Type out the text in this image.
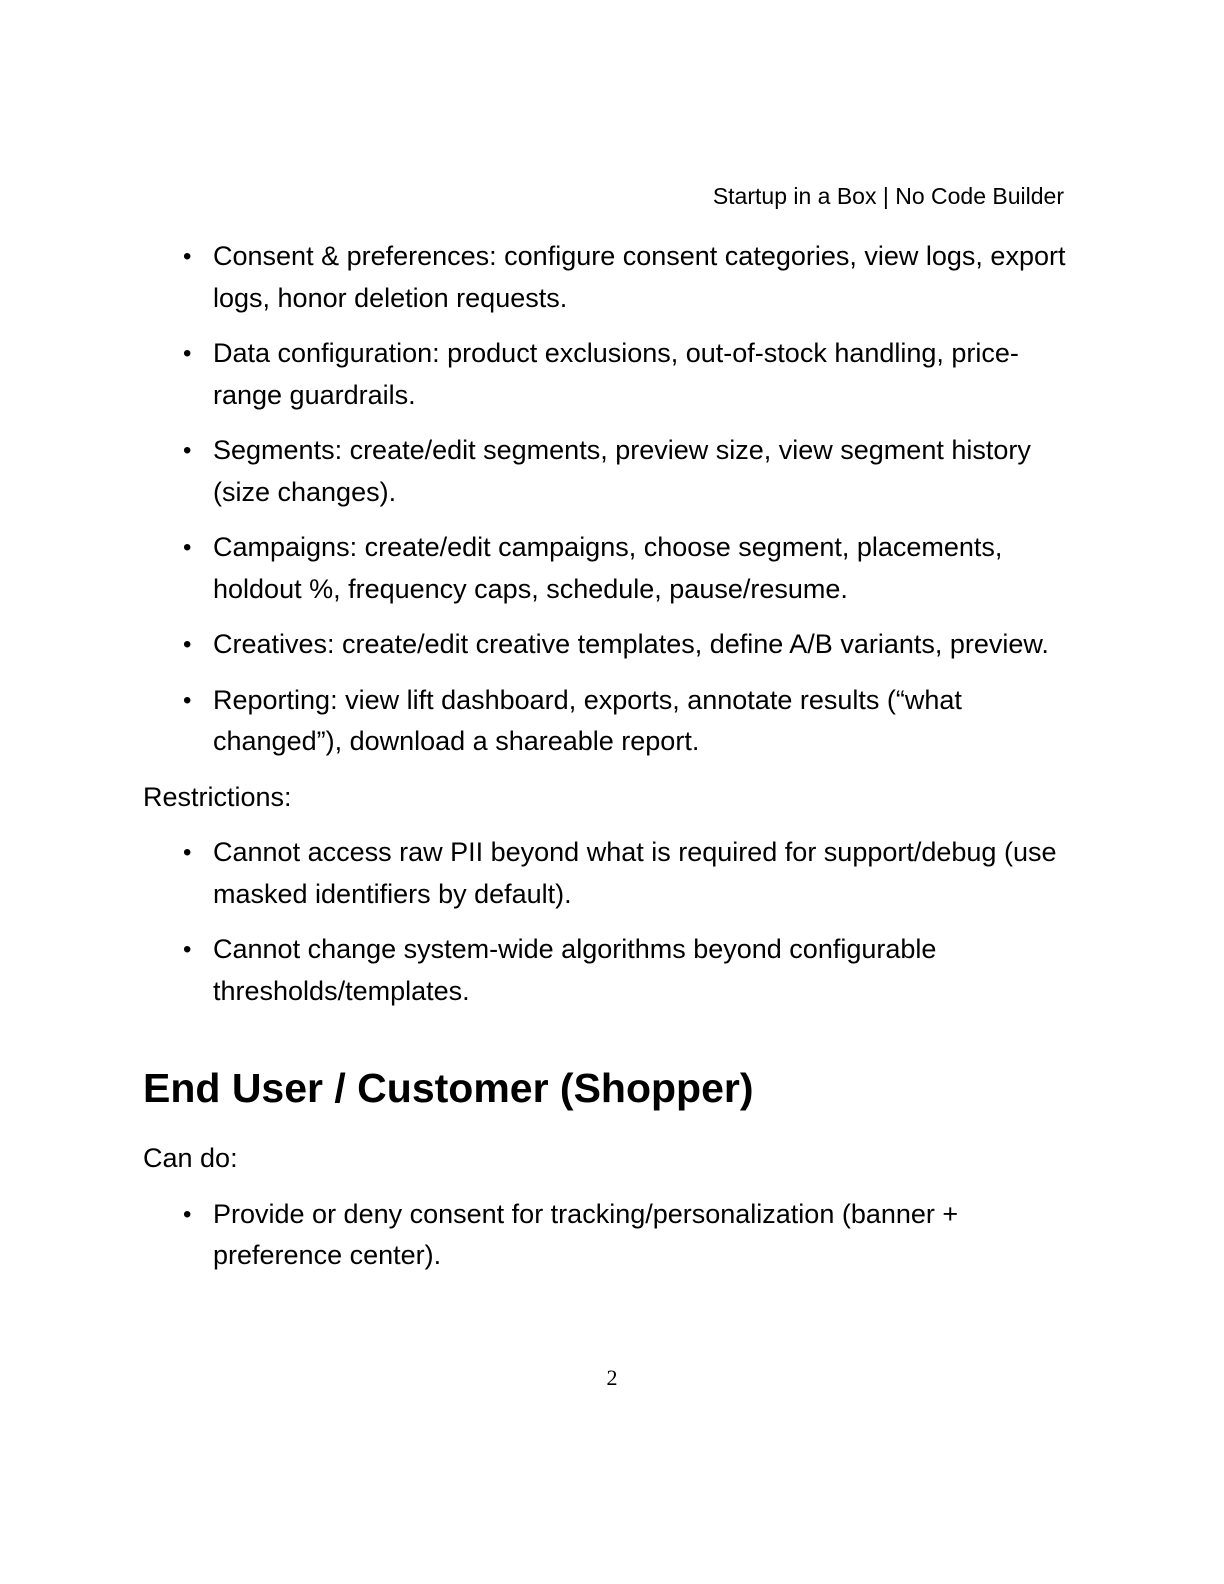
Startup in a Box | No Code Builder
• Consent & preferences: configure consent categories, view logs, export logs, honor deletion requests.
• Data configuration: product exclusions, out-of-stock handling, price-range guardrails.
• Segments: create/edit segments, preview size, view segment history (size changes).
• Campaigns: create/edit campaigns, choose segment, placements, holdout %, frequency caps, schedule, pause/resume.
• Creatives: create/edit creative templates, define A/B variants, preview.
• Reporting: view lift dashboard, exports, annotate results (“what changed”), download a shareable report.

Restrictions:

• Cannot access raw PII beyond what is required for support/debug (use masked identifiers by default).
• Cannot change system-wide algorithms beyond configurable thresholds/templates.
End User / Customer (Shopper)

Can do:

• Provide or deny consent for tracking/personalization (banner + preference center).
2
